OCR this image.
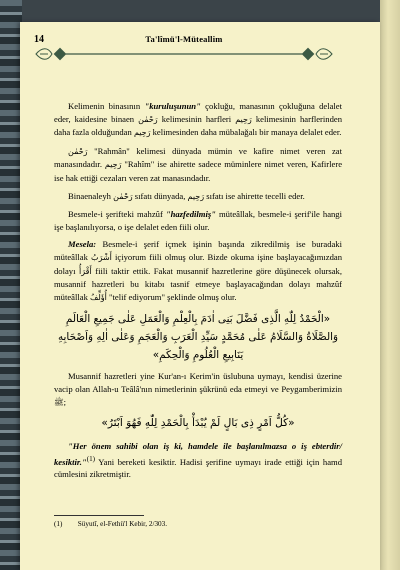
14	Ta'lîmü'l-Müteallim

Kelimenin binasının "kuruluşunun" çokluğu, manasının çokluğuna delalet eder, kaidesine binaen رَحْمٰن kelimesinin harfleri رَحِيم kelimesinin harflerinden daha fazla olduğundan رَحِيم kelimesinden daha mübalağalı bir manaya delalet eder.

رَحْمٰن "Rahmân" kelimesi dünyada mümin ve kafire nimet veren zat manasındadır. رَحِيم "Rahîm" ise ahirette sadece müminlere nimet veren, Kafirlere ise hak ettiği cezaları veren zat manasındadır.

Binaenaleyh رَحْمٰن sıfatı dünyada, رَحِيم sıfatı ise ahirette tecelli eder.

Besmele-i şerifteki mahzûf "hazfedilmiş" müteâllak, besmele-i şerif'ile hangi işe başlanılıyorsa, o işe delalet eden fiili olur.

Mesela: Besmele-i şerif içmek işinin başında zikredilmiş ise buradaki müteâllak أَشْرَبُ içiyorum fiili olmuş olur. Bizde okuma işine başlayacağımızdan dolayı أَقْرَأُ fiili taktir ettik. Fakat musannif hazretlerine göre düşünecek olursak, musannif hazretleri bu kitabı tasnif etmeye başlayacağından dolayı mahzûf müteâllak أُؤَلِّفُ "telif ediyorum" şeklinde olmuş olur.

«الْحَمْدُ لِلّٰهِ الَّذِى فَضَّلَ بَنِى اٰدَمَ بِالْعِلْمِ وَالْعَمَلِ عَلٰى جَمِيعِ الْعَالَمِ وَالصَّلَاةُ وَالسَّلَامُ عَلٰى مُحَمَّدٍ سَيِّدِ الْعَرَبِ وَالْعَجَمِ وَعَلٰى اٰلِهِ وَاَصْحَابِهِ يَنَابِيعِ الْعُلُومِ وَالْحِكَمِ»

Musannif hazretleri yine Kur'an-ı Kerim'in üslubuna uymayı, kendisi üzerine vacip olan Allah-u Teâlâ'nın nimetlerinin şükrünü eda etmeyi ve Peygamberimizin ﷺ;

«كُلُّ اَمْرٍ ذِى بَالٍ لَمْ يُبْدَأْ بِالْحَمْدِ لِلّٰهِ فَهُوَ اَبْتَرُ»

"Her önem sahibi olan iş ki, hamdele ile başlanılmazsa o iş ebterdir/ kesiktir."$^{(1)}$ Yani bereketi kesiktir. Hadisi şerifine uymayı irade ettiği için hamd cümlesini zikretmiştir.

(1) Süyutî, el-Fethü'l Kebir, 2/303.
